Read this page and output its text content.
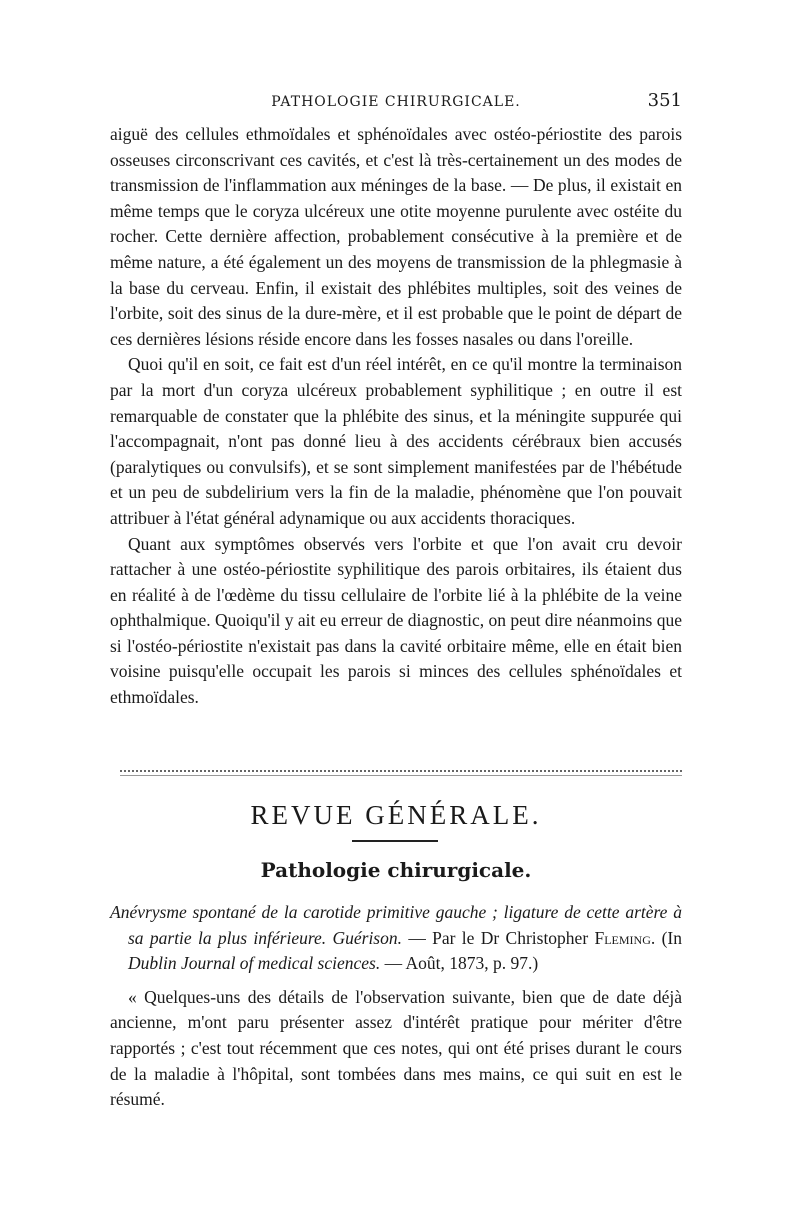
PATHOLOGIE CHIRURGICALE.	351

aiguë des cellules ethmoïdales et sphénoïdales avec ostéo-périostite des parois osseuses circonscrivant ces cavités, et c'est là très-certainement un des modes de transmission de l'inflammation aux méninges de la base. — De plus, il existait en même temps que le coryza ulcéreux une otite moyenne purulente avec ostéite du rocher. Cette dernière affection, probablement consécutive à la première et de même nature, a été également un des moyens de transmission de la phlegmasie à la base du cerveau. Enfin, il existait des phlébites multiples, soit des veines de l'orbite, soit des sinus de la dure-mère, et il est probable que le point de départ de ces dernières lésions réside encore dans les fosses nasales ou dans l'oreille.

Quoi qu'il en soit, ce fait est d'un réel intérêt, en ce qu'il montre la terminaison par la mort d'un coryza ulcéreux probablement syphilitique ; en outre il est remarquable de constater que la phlébite des sinus, et la méningite suppurée qui l'accompagnait, n'ont pas donné lieu à des accidents cérébraux bien accusés (paralytiques ou convulsifs), et se sont simplement manifestées par de l'hébétude et un peu de subdelirium vers la fin de la maladie, phénomène que l'on pouvait attribuer à l'état général adynamique ou aux accidents thoraciques.

Quant aux symptômes observés vers l'orbite et que l'on avait cru devoir rattacher à une ostéo-périostite syphilitique des parois orbitaires, ils étaient dus en réalité à de l'œdème du tissu cellulaire de l'orbite lié à la phlébite de la veine ophthalmique. Quoiqu'il y ait eu erreur de diagnostic, on peut dire néanmoins que si l'ostéo-périostite n'existait pas dans la cavité orbitaire même, elle en était bien voisine puisqu'elle occupait les parois si minces des cellules sphénoïdales et ethmoïdales.

REVUE GÉNÉRALE.
Pathologie chirurgicale.

Anévrysme spontané de la carotide primitive gauche ; ligature de cette artère à sa partie la plus inférieure. Guérison. — Par le Dr Christopher Fleming. (In Dublin Journal of medical sciences. — Août, 1873, p. 97.)

« Quelques-uns des détails de l'observation suivante, bien que de date déjà ancienne, m'ont paru présenter assez d'intérêt pratique pour mériter d'être rapportés ; c'est tout récemment que ces notes, qui ont été prises durant le cours de la maladie à l'hôpital, sont tombées dans mes mains, ce qui suit en est le résumé.
